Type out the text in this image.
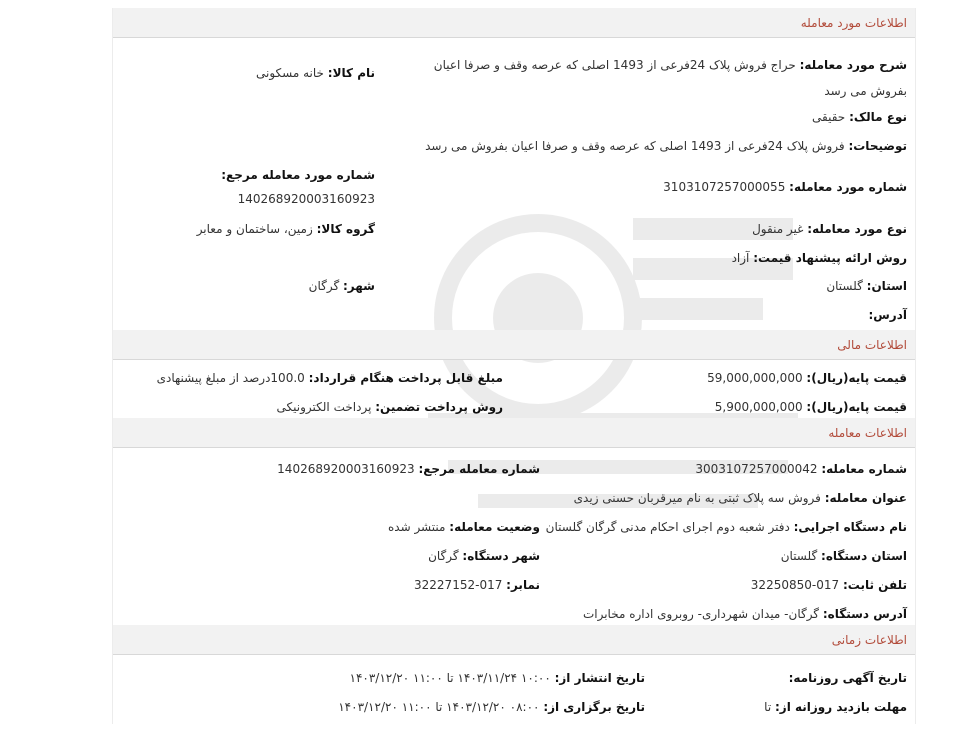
اطلاعات مورد معامله
شرح مورد معامله: حراج فروش پلاک 24فرعی از 1493 اصلی که عرصه وقف و صرفا اعیان بفروش می رسد
نام کالا: خانه مسکونی
نوع مالک: حقیقی
توضیحات: فروش پلاک 24فرعی از 1493 اصلی که عرصه وقف و صرفا اعیان بفروش می رسد
شماره مورد معامله مرجع:
140268920003160923
شماره مورد معامله: 3103107257000055
گروه کالا: زمین، ساختمان و معابر	نوع مورد معامله: غیر منقول
روش ارائه پیشنهاد قیمت: آزاد
شهر: گرگان	استان: گلستان
آدرس:
اطلاعات مالی
قیمت پایه(ریال): 59,000,000,000
مبلغ قابل پرداخت هنگام قرارداد: 100.0درصد از مبلغ پیشنهادی
قیمت پایه(ریال): 5,900,000,000
روش پرداخت تضمین: پرداخت الکترونیکی
اطلاعات معامله
شماره معامله: 3003107257000042
شماره معامله مرجع: 140268920003160923
عنوان معامله: فروش سه پلاک ثبتی به نام میرقربان حسنی زیدی
نام دستگاه اجرایی: دفتر شعبه دوم اجرای احکام مدنی گرگان گلستان
وضعیت معامله: منتشر شده
استان دستگاه: گلستان
شهر دستگاه: گرگان
تلفن ثابت: 017-32250850
نمابر: 017-32227152
آدرس دستگاه: گرگان- میدان شهرداری- روبروی اداره مخابرات
اطلاعات زمانی
تاریخ آگهی روزنامه:
تاریخ انتشار از: ۱۰:۰۰ ۱۴۰۳/۱۱/۲۴ تا ۱۱:۰۰ ۱۴۰۳/۱۲/۲۰
مهلت بازدید روزانه از: تا
تاریخ برگزاری از: ۰۸:۰۰ ۱۴۰۳/۱۲/۲۰ تا ۱۱:۰۰ ۱۴۰۳/۱۲/۲۰
